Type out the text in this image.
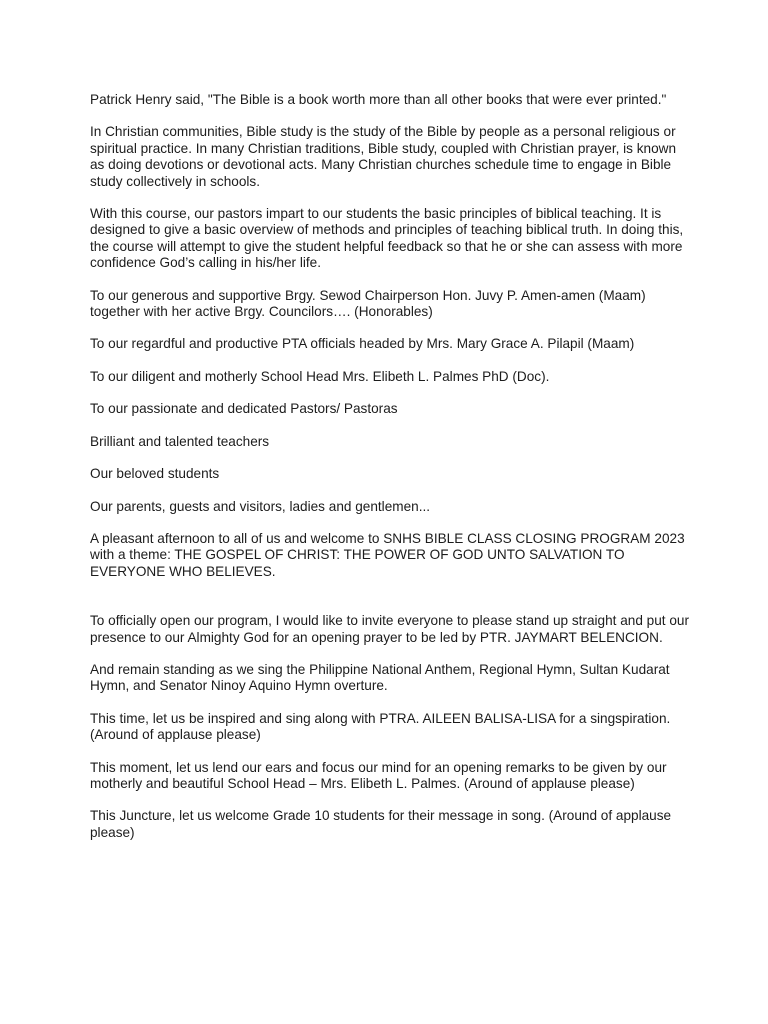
Patrick Henry said, "The Bible is a book worth more than all other books that were ever printed."

In Christian communities, Bible study is the study of the Bible by people as a personal religious or spiritual practice. In many Christian traditions, Bible study, coupled with Christian prayer, is known as doing devotions or devotional acts. Many Christian churches schedule time to engage in Bible study collectively in schools.

With this course, our pastors impart to our students the basic principles of biblical teaching. It is designed to give a basic overview of methods and principles of teaching biblical truth. In doing this, the course will attempt to give the student helpful feedback so that he or she can assess with more confidence God’s calling in his/her life.

To our generous and supportive Brgy. Sewod Chairperson Hon. Juvy P. Amen-amen (Maam) together with her active Brgy. Councilors…. (Honorables)

To our regardful and productive PTA officials headed by Mrs. Mary Grace A. Pilapil (Maam)

To our diligent and motherly School Head Mrs. Elibeth L. Palmes PhD (Doc).

To our passionate and dedicated Pastors/ Pastoras

Brilliant and talented teachers

Our beloved students

Our parents, guests and visitors, ladies and gentlemen...

A pleasant afternoon to all of us and welcome to SNHS BIBLE CLASS CLOSING PROGRAM 2023 with a theme: THE GOSPEL OF CHRIST: THE POWER OF GOD UNTO SALVATION TO EVERYONE WHO BELIEVES.

To officially open our program, I would like to invite everyone to please stand up straight and put our presence to our Almighty God for an opening prayer to be led by PTR. JAYMART BELENCION.

And remain standing as we sing the Philippine National Anthem, Regional Hymn, Sultan Kudarat Hymn, and Senator Ninoy Aquino Hymn overture.

This time, let us be inspired and sing along with PTRA. AILEEN BALISA-LISA for a singspiration. (Around of applause please)

This moment, let us lend our ears and focus our mind for an opening remarks to be given by our motherly and beautiful School Head – Mrs. Elibeth L. Palmes. (Around of applause please)

This Juncture, let us welcome Grade 10 students for their message in song. (Around of applause please)
